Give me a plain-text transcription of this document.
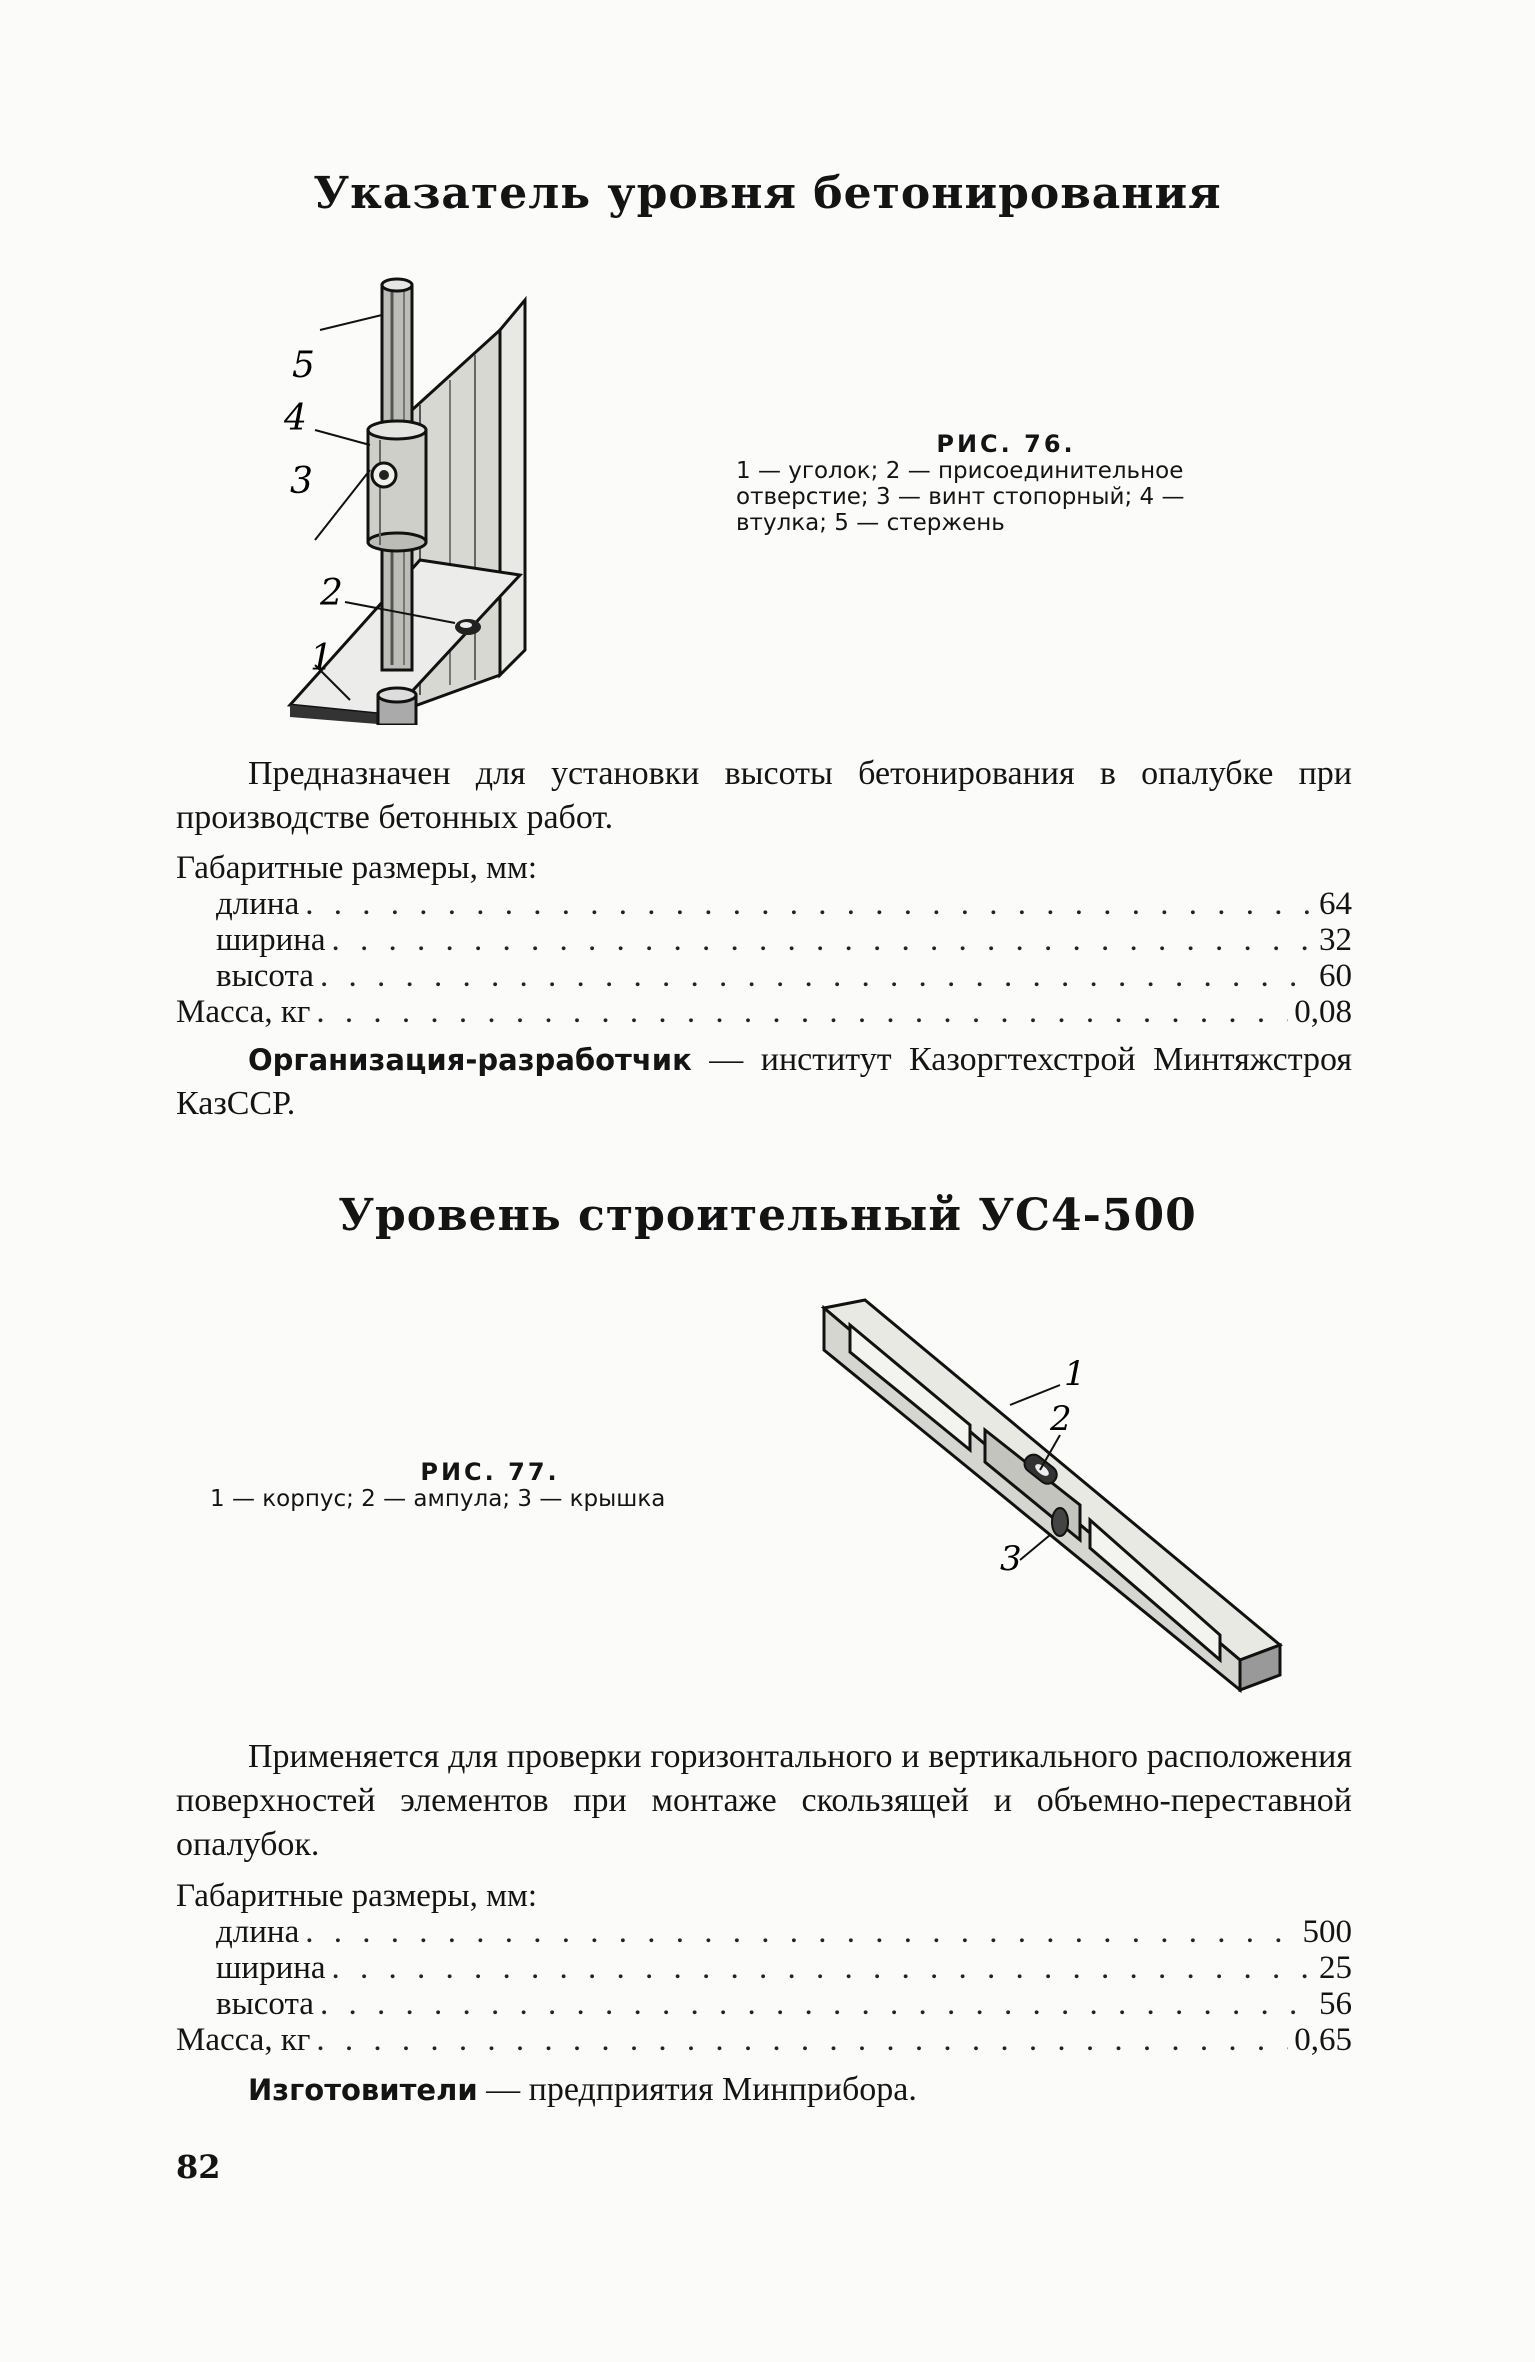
Указатель уровня бетонирования
1
2
3
4
5
РИС. 76.
1 — уголок; 2 — присоединительное отверстие; 3 — винт стопорный; 4 — втулка; 5 — стержень

Предназначен для установки высоты бетонирования в опалубке при производстве бетонных работ.

Габаритные размеры, мм:
длина . . .	64
ширина . . .	32
высота . . .	60
Масса, кг . . .	0,08

Организация-разработчик — институт Казоргтехстрой Минтяжстроя КазССР.

Уровень строительный УС4-500
1
2
3
РИС. 77.
1 — корпус; 2 — ампула; 3 — крышка

Применяется для проверки горизонтального и вертикального расположения поверхностей элементов при монтаже скользящей и объемно-переставной опалубок.

Габаритные размеры, мм:
длина . . .	500
ширина . . .	25
высота . . .	56
Масса, кг . . .	0,65

Изготовители — предприятия Минприбора.

82
